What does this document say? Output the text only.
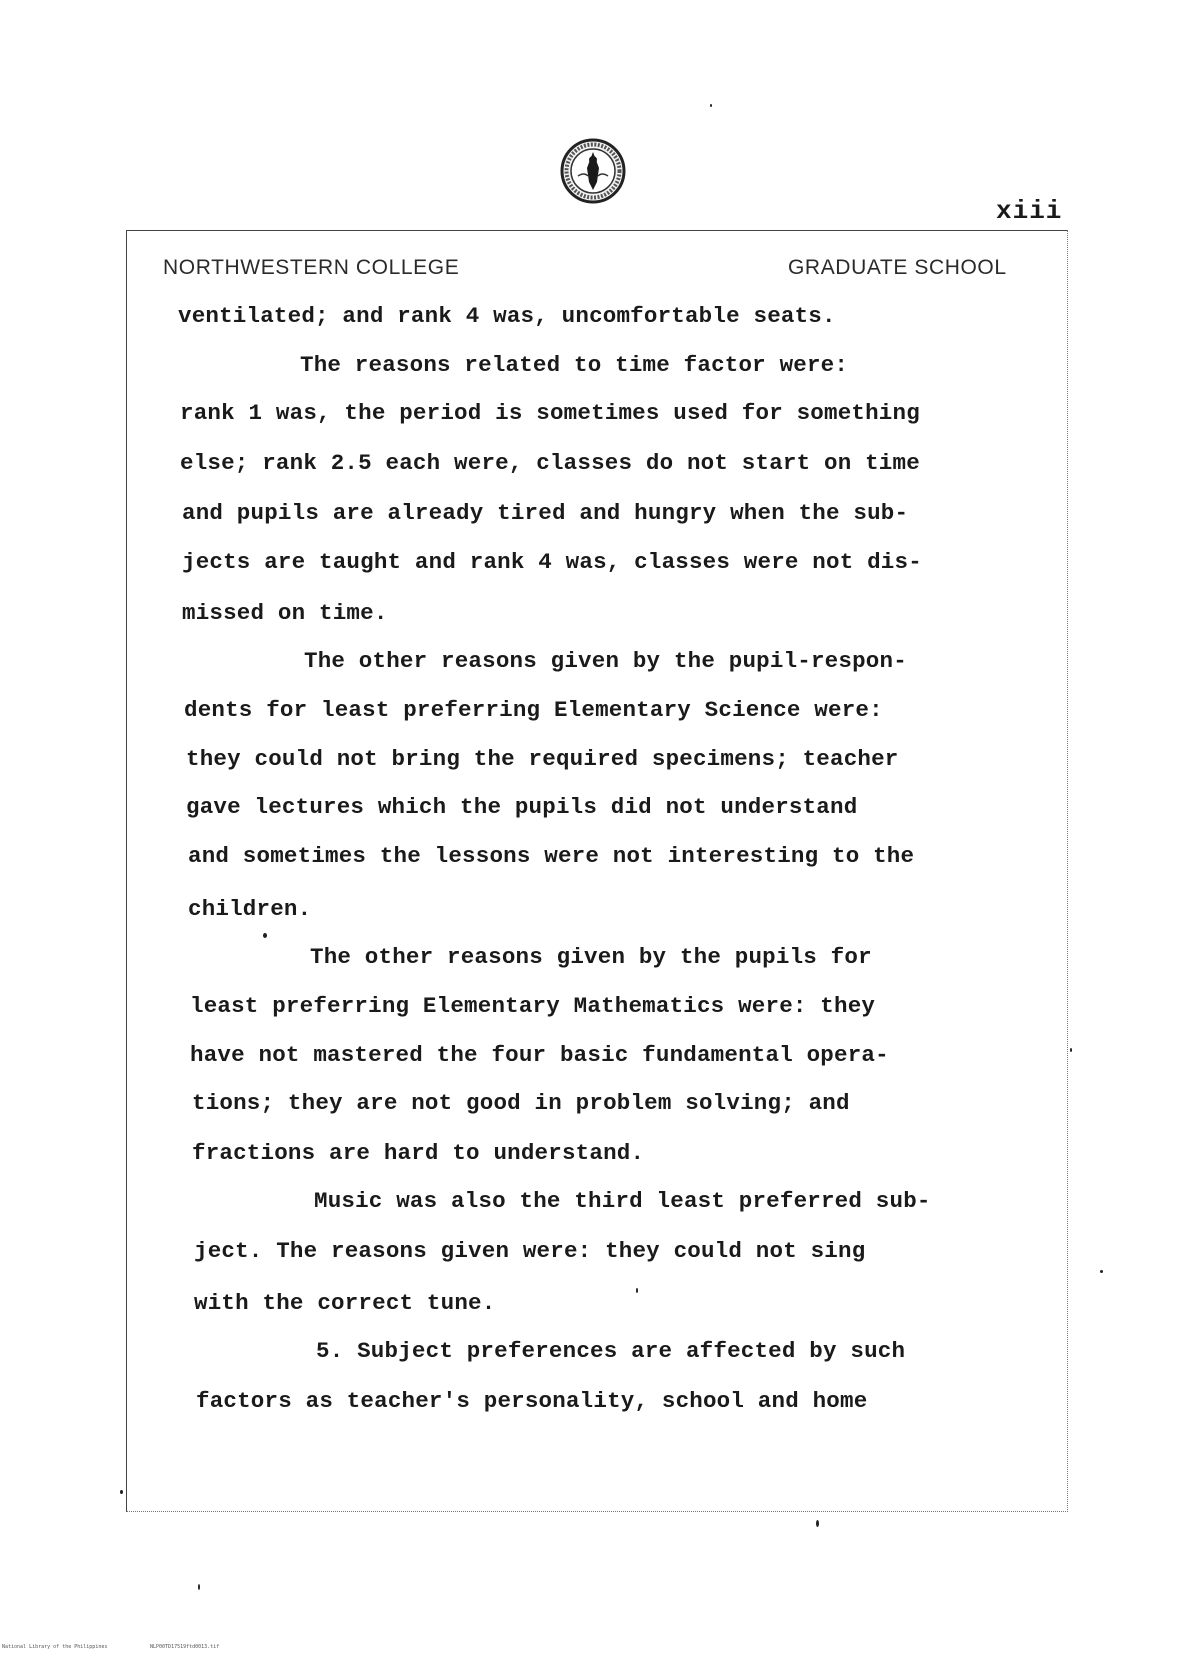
xiii
NORTHWESTERN COLLEGE	GRADUATE SCHOOL
ventilated; and rank 4 was, uncomfortable seats.
The reasons related to time factor were:
rank 1 was, the period is sometimes used for something
else; rank 2.5 each were, classes do not start on time
and pupils are already tired and hungry when the sub-
jects are taught and rank 4 was, classes were not dis-
missed on time.
The other reasons given by the pupil-respon-
dents for least preferring Elementary Science were:
they could not bring the required specimens; teacher
gave lectures which the pupils did not understand
and sometimes the lessons were not interesting to the
children.
The other reasons given by the pupils for
least preferring Elementary Mathematics were: they
have not mastered the four basic fundamental opera-
tions; they are not good in problem solving; and
fractions are hard to understand.
Music was also the third least preferred sub-
ject. The reasons given were: they could not sing
with the correct tune.
5. Subject preferences are affected by such
factors as teacher's personality, school and home
National Library of the Philippines	NLP00TD17519ftd0013.tif
